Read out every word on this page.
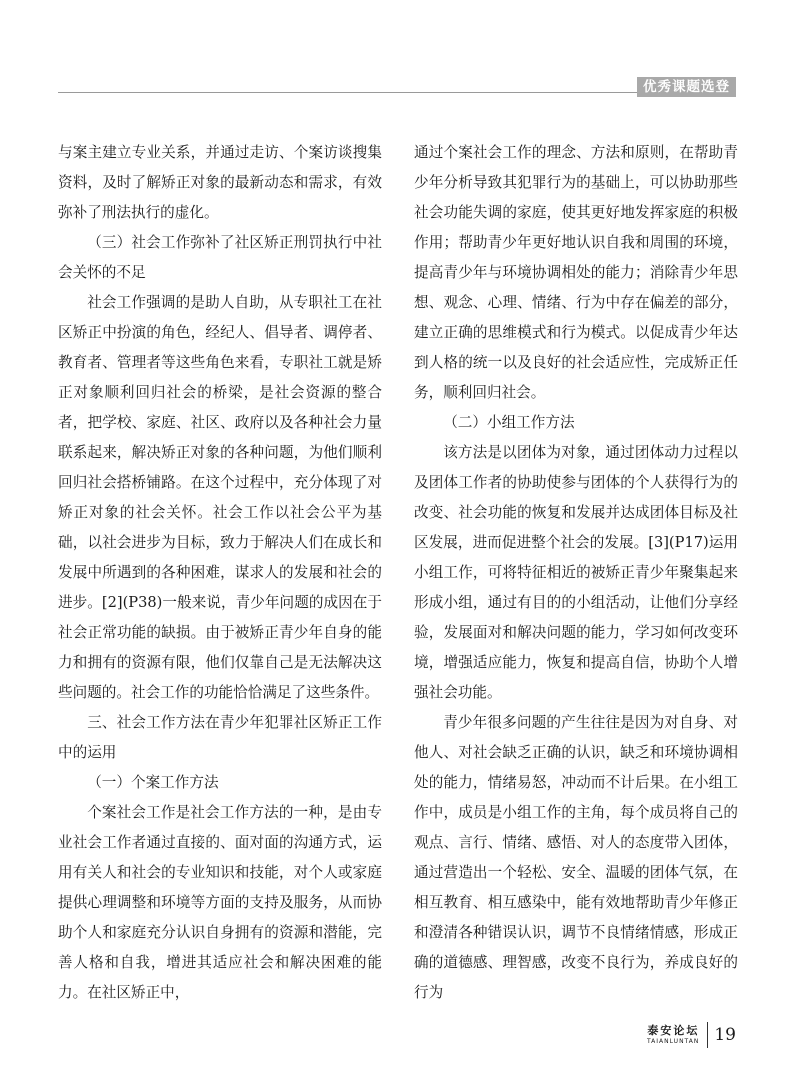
优秀课题选登

与案主建立专业关系，并通过走访、个案访谈搜集资料，及时了解矫正对象的最新动态和需求，有效弥补了刑法执行的虚化。

（三）社会工作弥补了社区矫正刑罚执行中社会关怀的不足

社会工作强调的是助人自助，从专职社工在社区矫正中扮演的角色，经纪人、倡导者、调停者、教育者、管理者等这些角色来看，专职社工就是矫正对象顺利回归社会的桥梁，是社会资源的整合者，把学校、家庭、社区、政府以及各种社会力量联系起来，解决矫正对象的各种问题，为他们顺利回归社会搭桥铺路。在这个过程中，充分体现了对矫正对象的社会关怀。社会工作以社会公平为基础，以社会进步为目标，致力于解决人们在成长和发展中所遇到的各种困难，谋求人的发展和社会的进步。[2](P38)一般来说，青少年问题的成因在于社会正常功能的缺损。由于被矫正青少年自身的能力和拥有的资源有限，他们仅靠自己是无法解决这些问题的。社会工作的功能恰恰满足了这些条件。

三、社会工作方法在青少年犯罪社区矫正工作中的运用

（一）个案工作方法

个案社会工作是社会工作方法的一种，是由专业社会工作者通过直接的、面对面的沟通方式，运用有关人和社会的专业知识和技能，对个人或家庭提供心理调整和环境等方面的支持及服务，从而协助个人和家庭充分认识自身拥有的资源和潜能，完善人格和自我，增进其适应社会和解决困难的能力。在社区矫正中，

通过个案社会工作的理念、方法和原则，在帮助青少年分析导致其犯罪行为的基础上，可以协助那些社会功能失调的家庭，使其更好地发挥家庭的积极作用；帮助青少年更好地认识自我和周围的环境，提高青少年与环境协调相处的能力；消除青少年思想、观念、心理、情绪、行为中存在偏差的部分，建立正确的思维模式和行为模式。以促成青少年达到人格的统一以及良好的社会适应性，完成矫正任务，顺利回归社会。

（二）小组工作方法

该方法是以团体为对象，通过团体动力过程以及团体工作者的协助使参与团体的个人获得行为的改变、社会功能的恢复和发展并达成团体目标及社区发展，进而促进整个社会的发展。[3](P17)运用小组工作，可将特征相近的被矫正青少年聚集起来形成小组，通过有目的的小组活动，让他们分享经验，发展面对和解决问题的能力，学习如何改变环境，增强适应能力，恢复和提高自信，协助个人增强社会功能。

青少年很多问题的产生往往是因为对自身、对他人、对社会缺乏正确的认识，缺乏和环境协调相处的能力，情绪易怒，冲动而不计后果。在小组工作中，成员是小组工作的主角，每个成员将自己的观点、言行、情绪、感悟、对人的态度带入团体，通过营造出一个轻松、安全、温暖的团体气氛，在相互教育、相互感染中，能有效地帮助青少年修正和澄清各种错误认识，调节不良情绪情感，形成正确的道德感、理智感，改变不良行为，养成良好的行为

泰安论坛
TAIANLUNTAN 19
